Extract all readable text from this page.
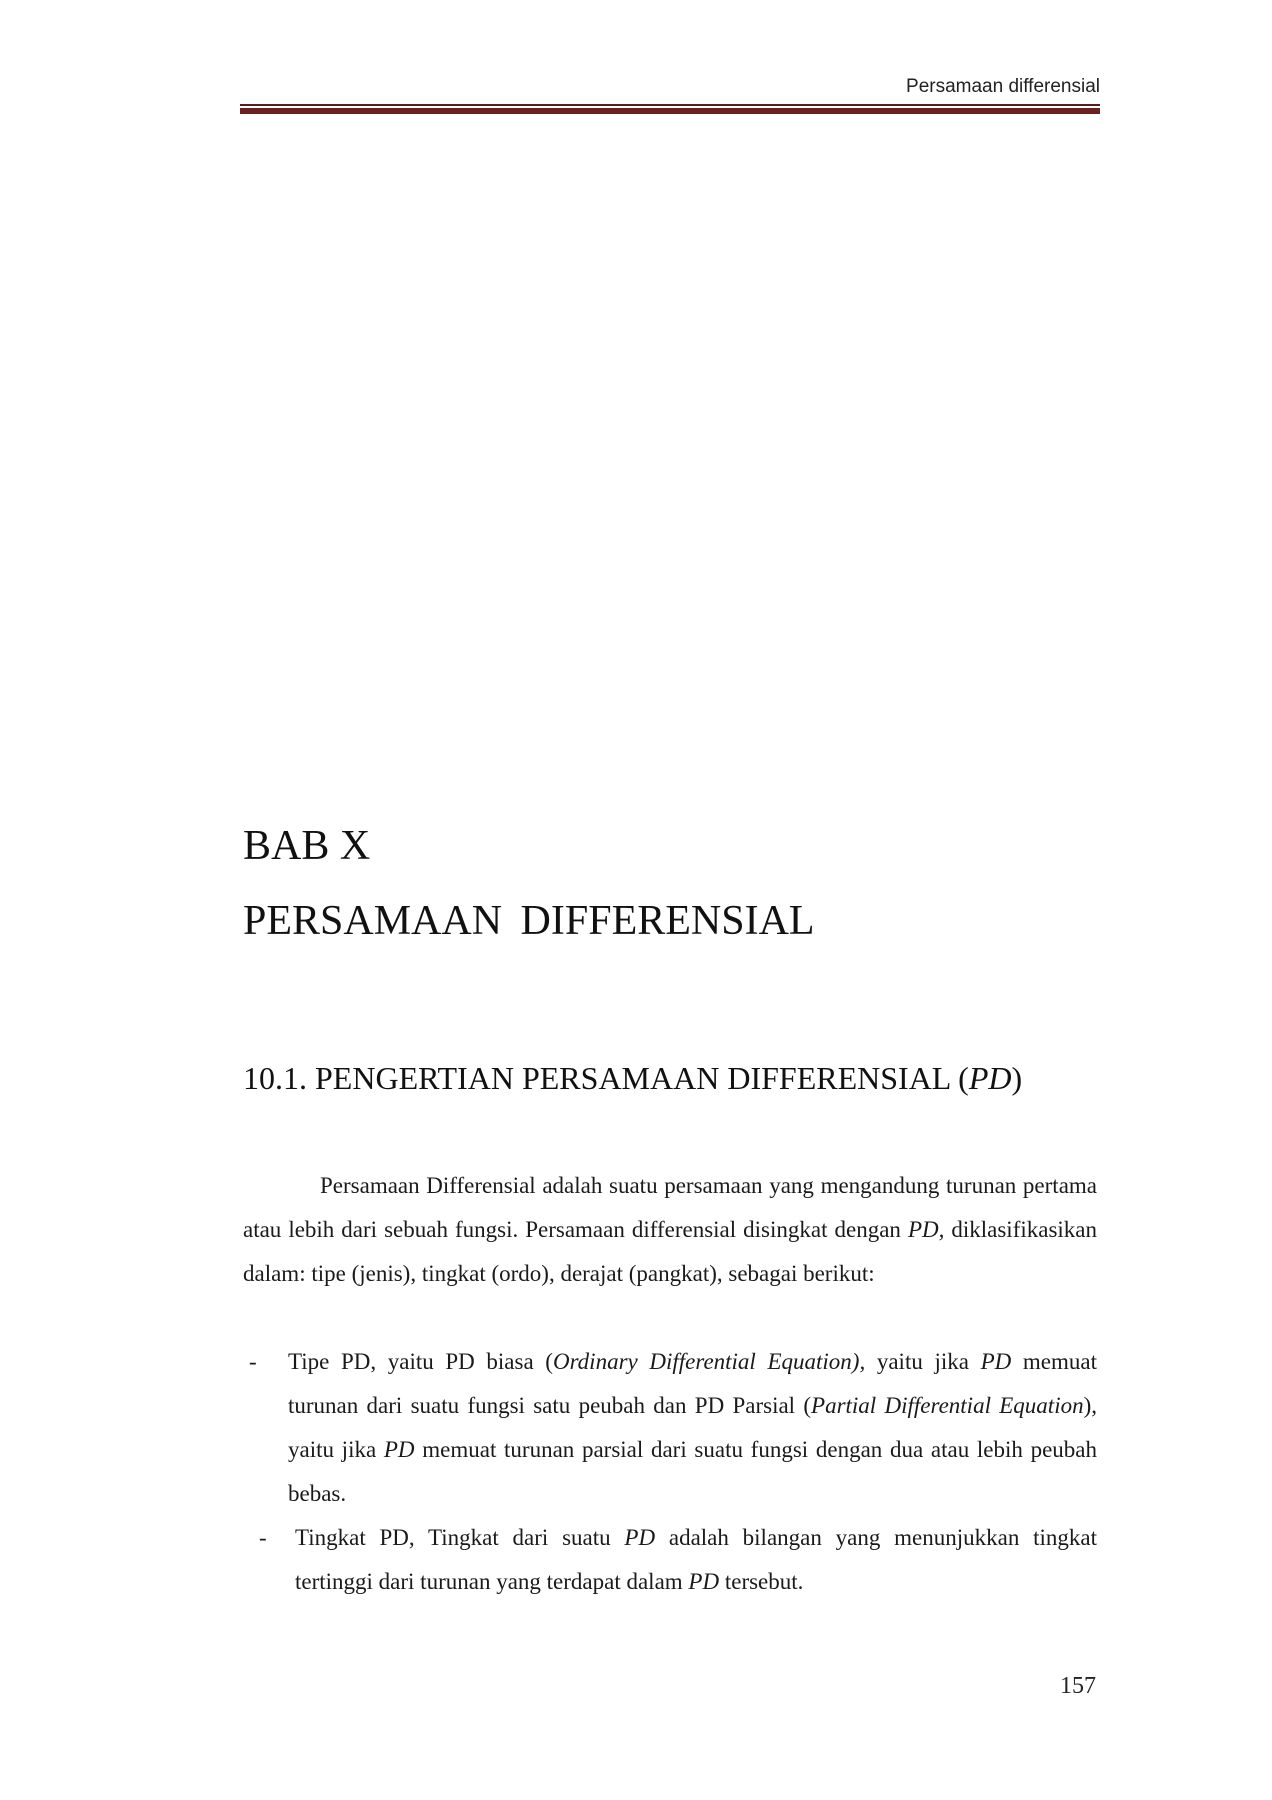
Persamaan differensial
BAB X
PERSAMAAN DIFFERENSIAL
10.1. PENGERTIAN PERSAMAAN DIFFERENSIAL (PD)

Persamaan Differensial adalah suatu persamaan yang mengandung turunan pertama atau lebih dari sebuah fungsi. Persamaan differensial disingkat dengan PD, diklasifikasikan dalam: tipe (jenis), tingkat (ordo), derajat (pangkat), sebagai berikut:

- Tipe PD, yaitu PD biasa (Ordinary Differential Equation), yaitu jika PD memuat turunan dari suatu fungsi satu peubah dan PD Parsial (Partial Differential Equation), yaitu jika PD memuat turunan parsial dari suatu fungsi dengan dua atau lebih peubah bebas.
- Tingkat PD, Tingkat dari suatu PD adalah bilangan yang menunjukkan tingkat tertinggi dari turunan yang terdapat dalam PD tersebut.
157
